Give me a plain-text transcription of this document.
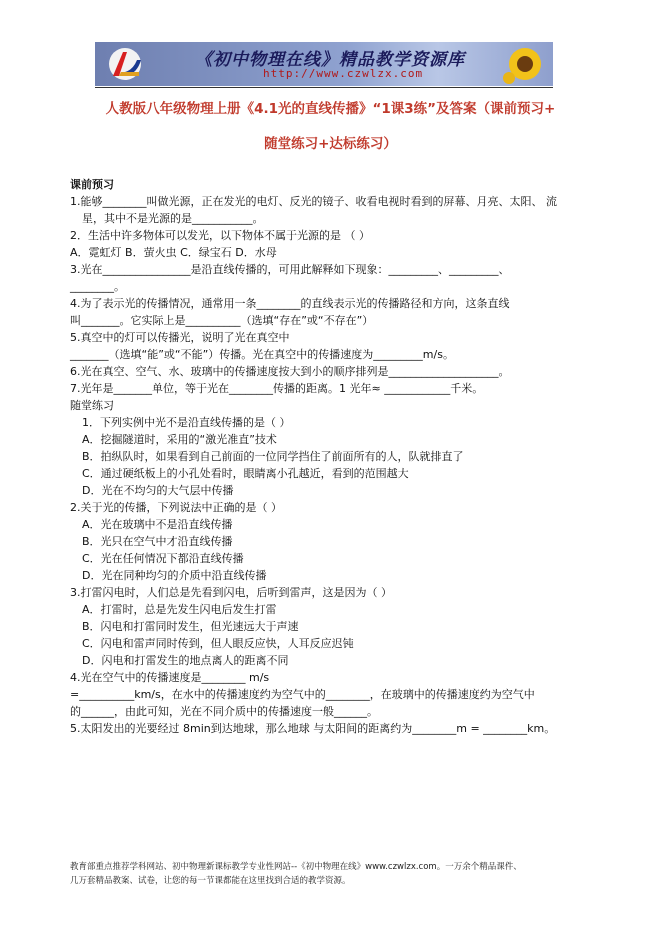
《初中物理在线》精品教学资源库
http://www.czwlzx.com
人教版八年级物理上册《4.1光的直线传播》“1课3练”及答案（课前预习+
随堂练习+达标练习）
课前预习
1.能够________叫做光源，正在发光的电灯、反光的镜子、收看电视时看到的屏幕、月亮、太阳、 流
星，其中不是光源的是___________。
2．生活中许多物体可以发光，以下物体不属于光源的是 （ ）
A．霓虹灯 B．萤火虫 C．绿宝石 D．水母
3.光在________________是沿直线传播的，可用此解释如下现象：_________、_________、
________。
4.为了表示光的传播情况，通常用一条________的直线表示光的传播路径和方向，这条直线
叫_______。它实际上是__________（选填“存在”或“不存在”）
5.真空中的灯可以传播光，说明了光在真空中
_______（选填“能”或“不能”）传播。光在真空中的传播速度为_________m/s。
6.光在真空、空气、水、玻璃中的传播速度按大到小的顺序排列是____________________。
7.光年是_______单位，等于光在________传播的距离。1 光年≈ ____________千米。
随堂练习
1．下列实例中光不是沿直线传播的是（ ）
A．挖掘隧道时，采用的“激光准直”技术
B．拍纵队时，如果看到自己前面的一位同学挡住了前面所有的人，队就排直了
C．通过硬纸板上的小孔处看时，眼睛离小孔越近，看到的范围越大
D．光在不均匀的大气层中传播
2.关于光的传播，下列说法中正确的是（ ）
A．光在玻璃中不是沿直线传播
B．光只在空气中才沿直线传播
C．光在任何情况下都沿直线传播
D．光在同种均匀的介质中沿直线传播
3.打雷闪电时，人们总是先看到闪电，后听到雷声，这是因为（ ）
A．打雷时，总是先发生闪电后发生打雷
B．闪电和打雷同时发生，但光速远大于声速
C．闪电和雷声同时传到，但人眼反应快，人耳反应迟钝
D．闪电和打雷发生的地点离人的距离不同
4.光在空气中的传播速度是________ m/s
=__________km/s，在水中的传播速度约为空气中的________，在玻璃中的传播速度约为空气中
的______，由此可知，光在不同介质中的传播速度一般______。
5.太阳发出的光要经过 8min到达地球，那么地球 与太阳间的距离约为________m = ________km。
教育部重点推荐学科网站、初中物理新课标教学专业性网站--《初中物理在线》www.czwlzx.com。一万余个精品课件、
几万套精品教案、试卷，让您的每一节课都能在这里找到合适的教学资源。
